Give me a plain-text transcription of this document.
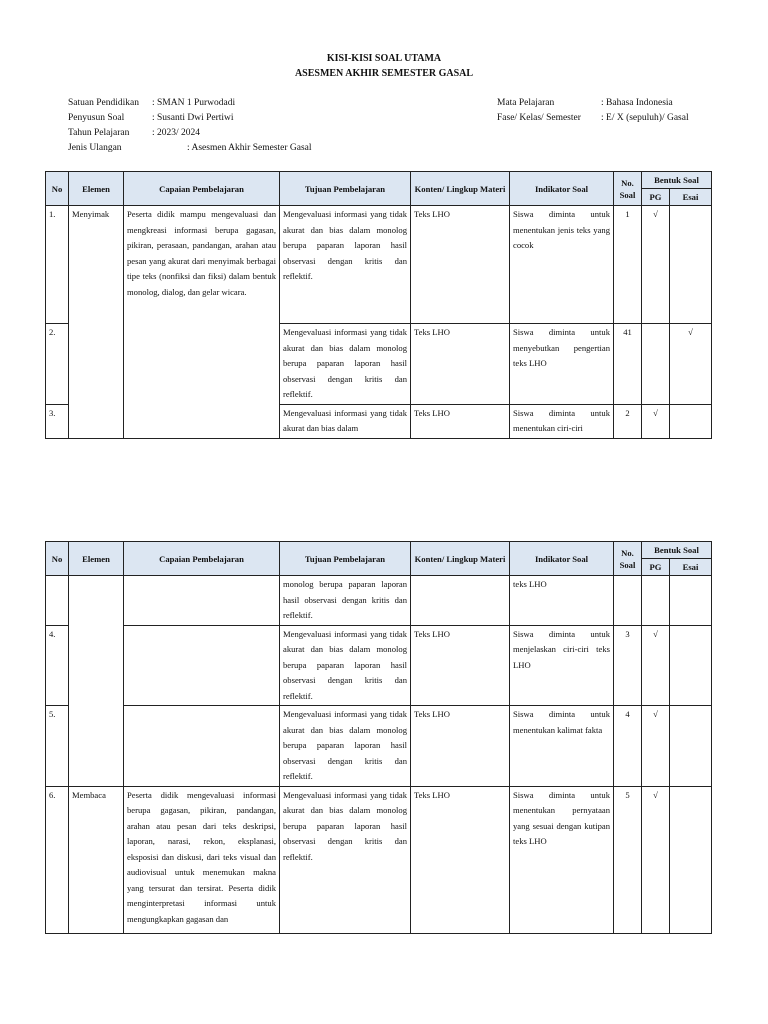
KISI-KISI SOAL UTAMA
ASESMEN AKHIR SEMESTER GASAL
Satuan Pendidikan : SMAN 1 Purwodadi
Penyusun Soal	: Susanti Dwi Pertiwi
Tahun Pelajaran : 2023/ 2024
Jenis Ulangan	: Asesmen Akhir Semester Gasal
Mata Pelajaran	: Bahasa Indonesia
Fase/ Kelas/ Semester : E/ X (sepuluh)/ Gasal
No	Elemen	Capaian Pembelajaran	Tujuan Pembelajaran	Konten/ Lingkup Materi	Indikator Soal	No. Soal	Bentuk Soal	
							PG	Esai
1.	Menyimak	Peserta didik mampu mengevaluasi dan mengkreasi informasi berupa gagasan, pikiran, perasaan, pandangan, arahan atau pesan yang akurat dari menyimak berbagai tipe teks (nonfiksi dan fiksi) dalam bentuk monolog, dialog, dan gelar wicara.	Mengevaluasi informasi yang tidak akurat dan bias dalam monolog berupa paparan laporan hasil observasi dengan kritis dan reflektif.	Teks LHO	Siswa diminta untuk menentukan jenis teks yang cocok	1	√	
2.			Mengevaluasi informasi yang tidak akurat dan bias dalam monolog berupa paparan laporan hasil observasi dengan kritis dan reflektif.	Teks LHO	Siswa diminta untuk menyebutkan pengertian teks LHO	41		√
3.			Mengevaluasi informasi yang tidak akurat dan bias dalam	Teks LHO	Siswa diminta untuk menentukan ciri-ciri	2	√	
No	Elemen	Capaian Pembelajaran	Tujuan Pembelajaran	Konten/ Lingkup Materi	Indikator Soal	No. Soal	Bentuk Soal	
							PG	Esai
			monolog berupa paparan laporan hasil observasi dengan kritis dan reflektif.		teks LHO			
4.			Mengevaluasi informasi yang tidak akurat dan bias dalam monolog berupa paparan laporan hasil observasi dengan kritis dan reflektif.	Teks LHO	Siswa diminta untuk menjelaskan ciri-ciri teks LHO	3	√	
5.			Mengevaluasi informasi yang tidak akurat dan bias dalam monolog berupa paparan laporan hasil observasi dengan kritis dan reflektif.	Teks LHO	Siswa diminta untuk menentukan kalimat fakta	4	√	
6.	Membaca	Peserta didik mengevaluasi informasi berupa gagasan, pikiran, pandangan, arahan atau pesan dari teks deskripsi, laporan, narasi, rekon, eksplanasi, eksposisi dan diskusi, dari teks visual dan audiovisual untuk menemukan makna yang tersurat dan tersirat. Peserta didik menginterpretasi informasi untuk mengungkapkan gagasan dan	Mengevaluasi informasi yang tidak akurat dan bias dalam monolog berupa paparan laporan hasil observasi dengan kritis dan reflektif.	Teks LHO	Siswa diminta untuk menentukan pernyataan yang sesuai dengan kutipan teks LHO	5	√	
